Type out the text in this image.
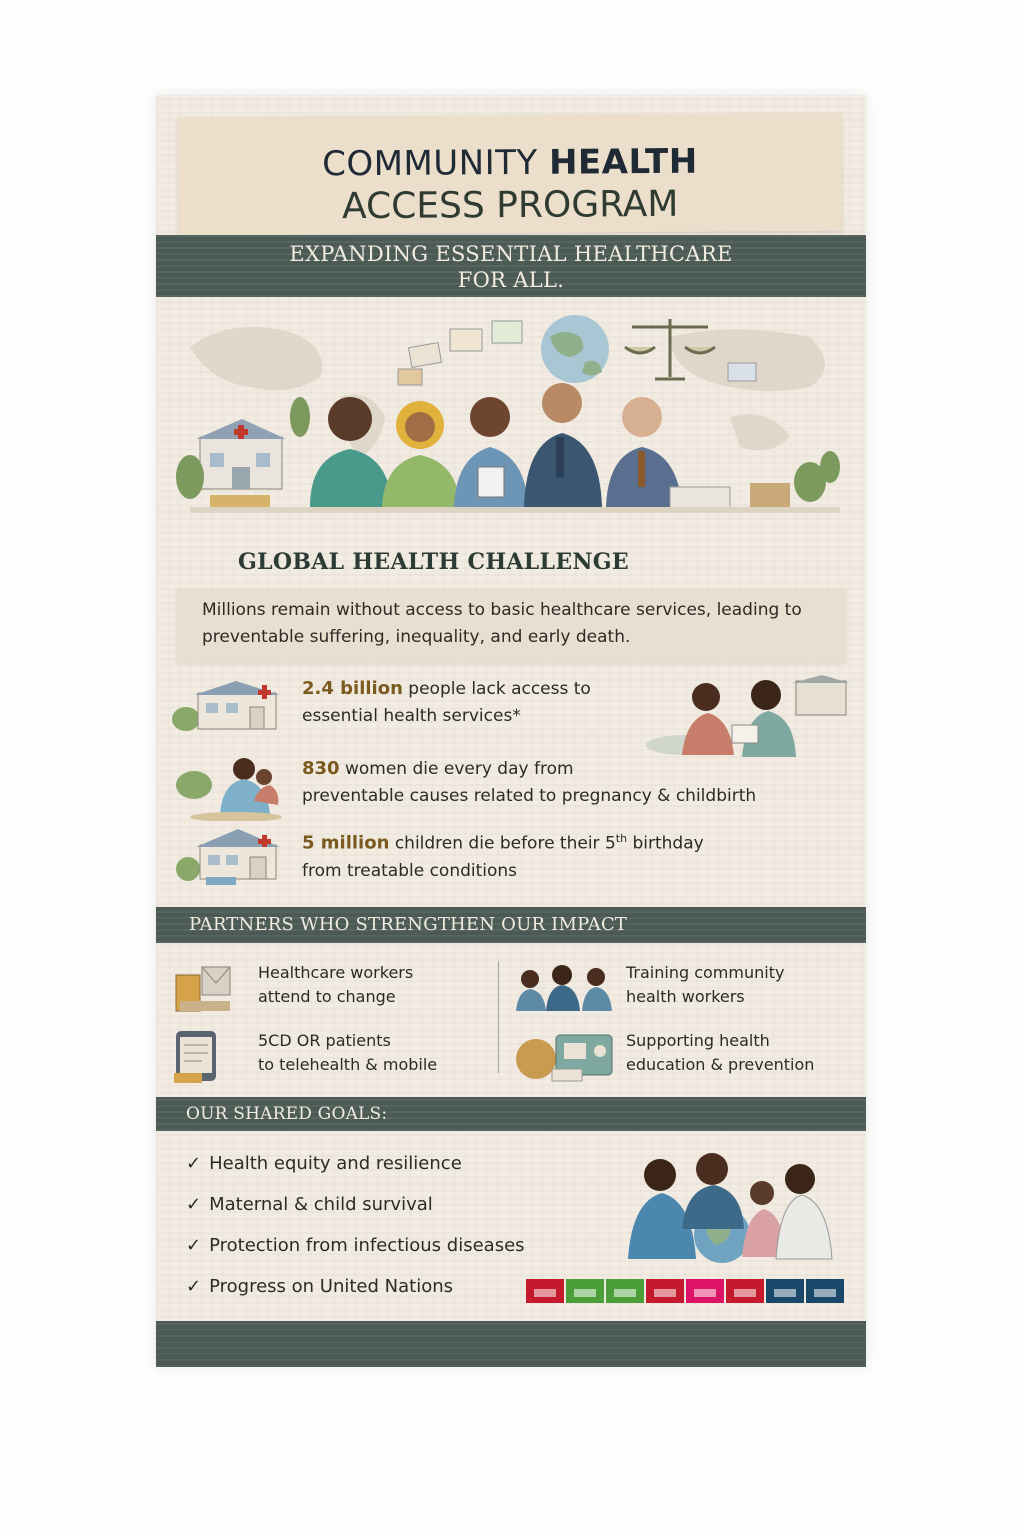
COMMUNITY HEALTH
ACCESS PROGRAM
EXPANDING ESSENTIAL HEALTHCARE
FOR ALL.
GLOBAL HEALTH CHALLENGE
Millions remain without access to basic healthcare services, leading to preventable suffering, inequality, and early death.
2.4 billion people lack access to
essential health services*
830 women die every day from
preventable causes related to pregnancy & childbirth
5 million children die before their 5th birthday
from treatable conditions
PARTNERS WHO STRENGTHEN OUR IMPACT
Healthcare workers
attend to change
Training community
health workers
5CD OR patients
to telehealth & mobile
Supporting health
education & prevention
OUR SHARED GOALS:
✓ Health equity and resilience
✓ Maternal & child survival
✓ Protection from infectious diseases
✓ Progress on United Nations
